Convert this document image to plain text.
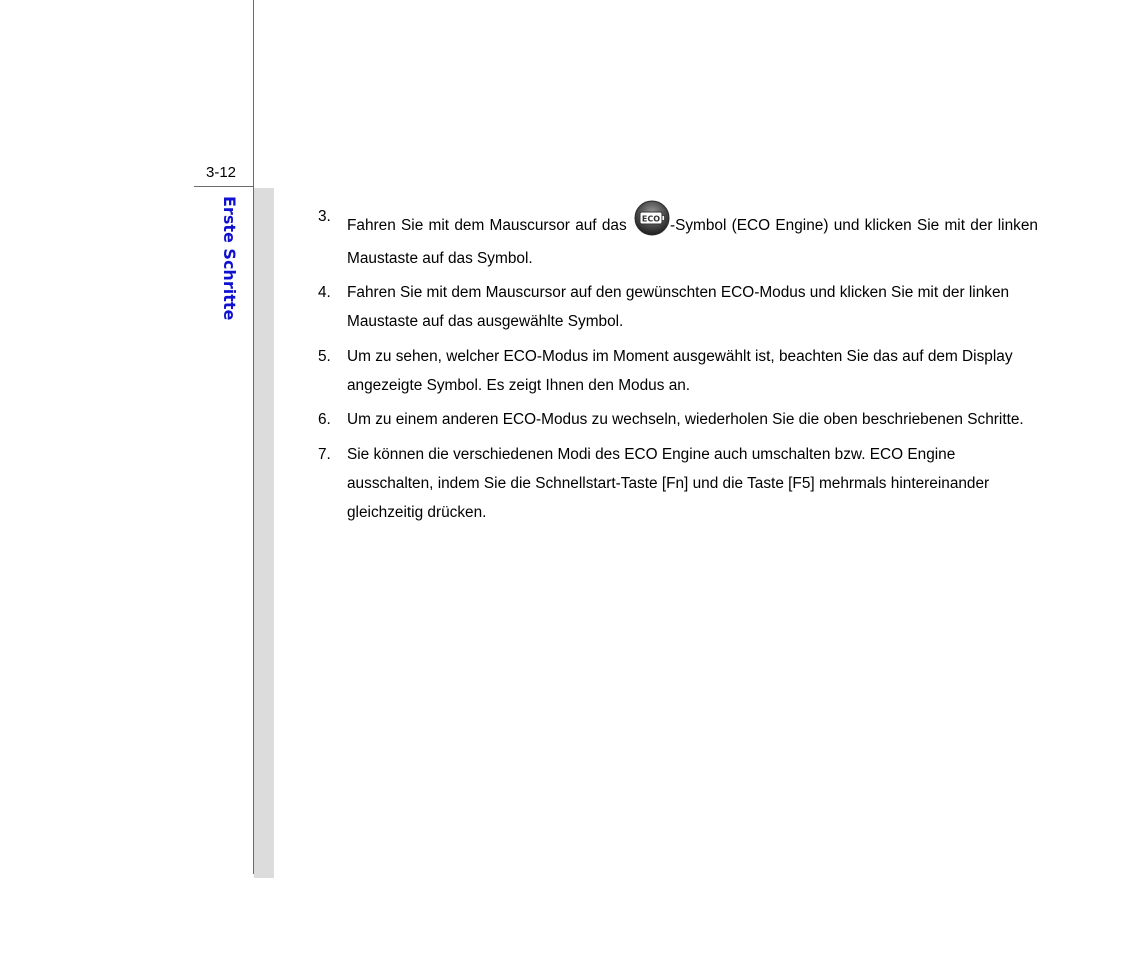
3-12
Erste Schritte	3.
Fahren Sie mit dem Mauscursor auf das ECO -Symbol (ECO Engine) und klicken Sie mit der linken Maustaste auf das Symbol.
4. Fahren Sie mit dem Mauscursor auf den gewünschten ECO-Modus und klicken Sie mit der linken Maustaste auf das ausgewählte Symbol.
5. Um zu sehen, welcher ECO-Modus im Moment ausgewählt ist, beachten Sie das auf dem Display angezeigte Symbol. Es zeigt Ihnen den Modus an.
6. Um zu einem anderen ECO-Modus zu wechseln, wiederholen Sie die oben beschriebenen Schritte.
7. Sie können die verschiedenen Modi des ECO Engine auch umschalten bzw. ECO Engine ausschalten, indem Sie die Schnellstart-Taste [Fn] und die Taste [F5] mehrmals hintereinander gleichzeitig drücken.
